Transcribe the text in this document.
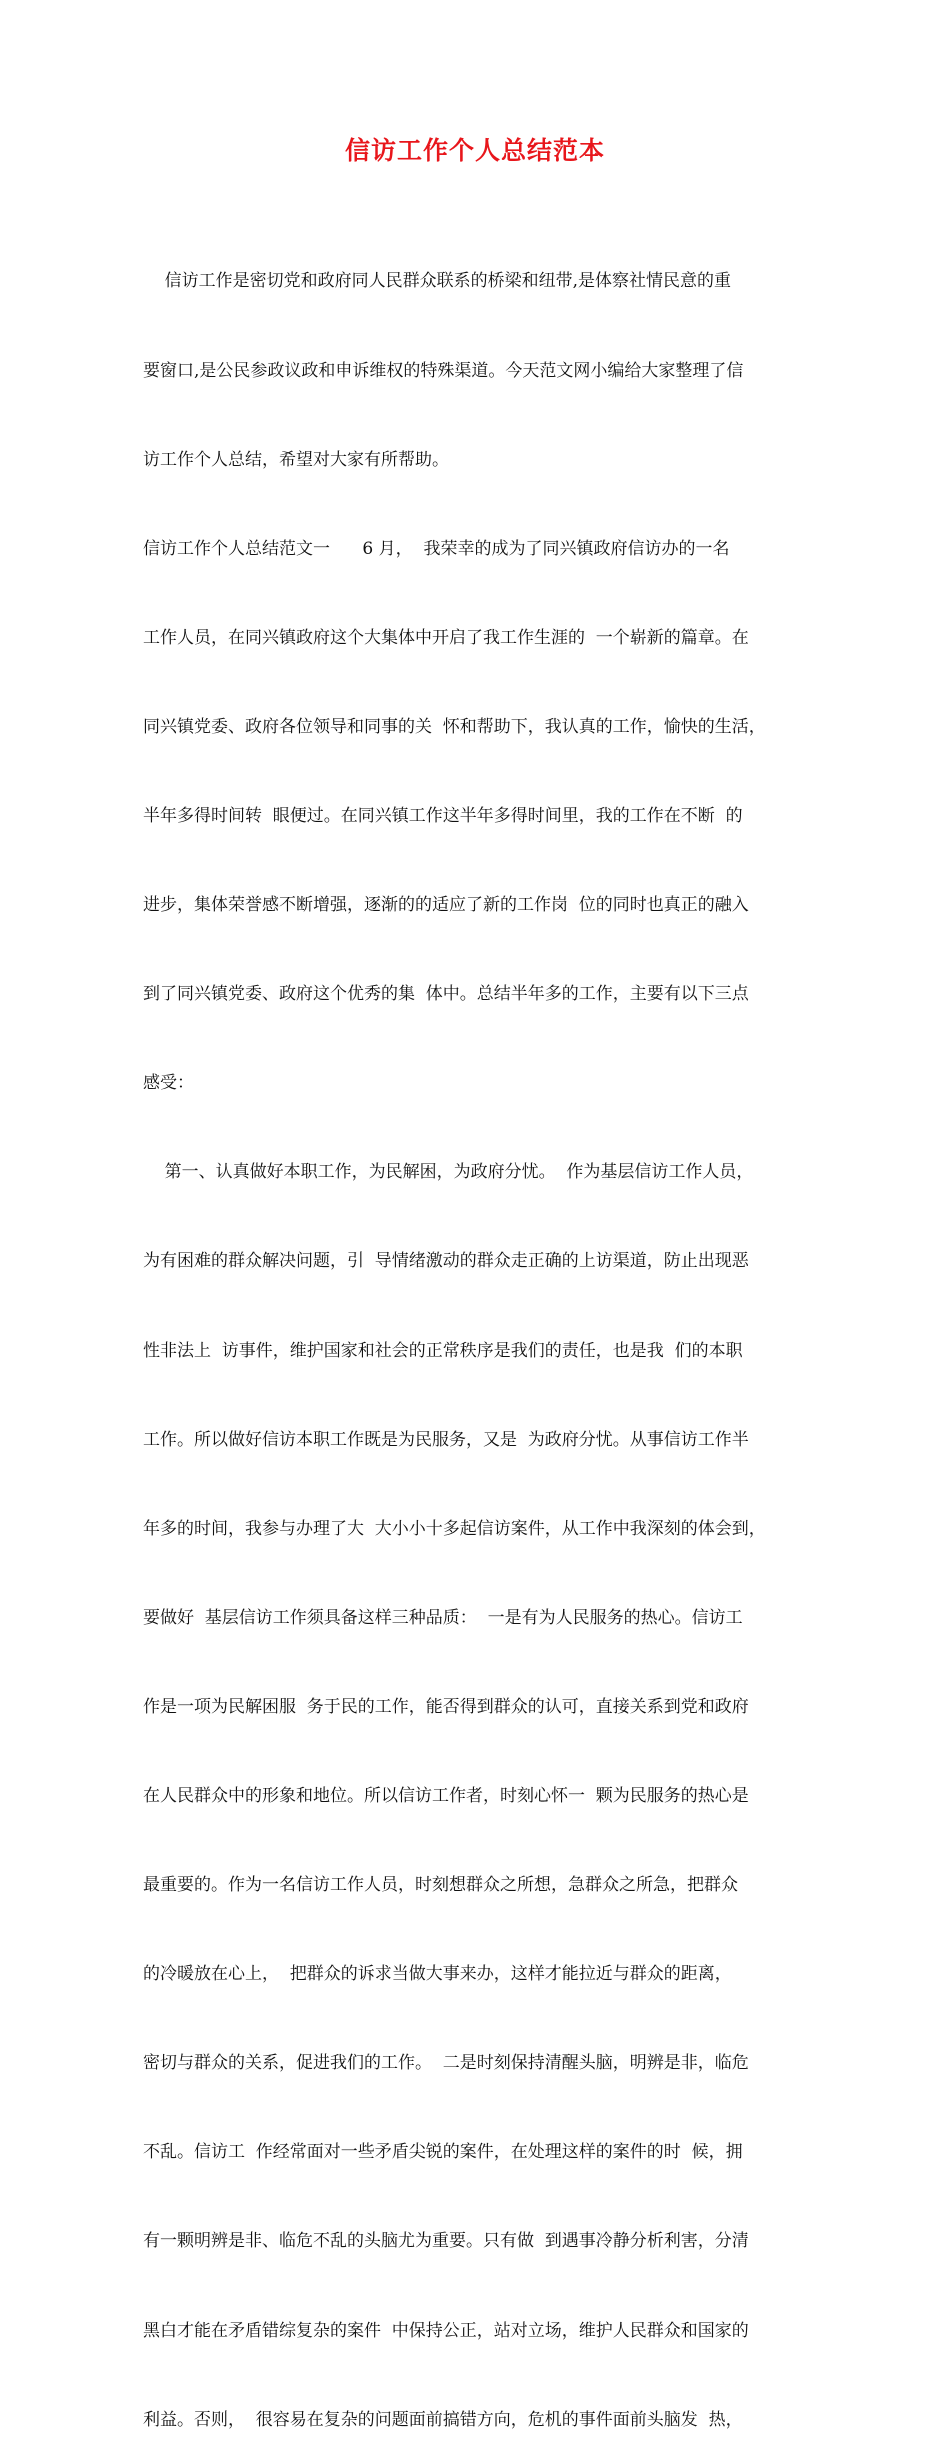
信访工作个人总结范本

信访工作是密切党和政府同人民群众联系的桥梁和纽带,是体察社情民意的重

要窗口,是公民参政议政和申诉维权的特殊渠道。今天范文网小编给大家整理了信

访工作个人总结，希望对大家有所帮助。

信访工作个人总结范文一      6 月，  我荣幸的成为了同兴镇政府信访办的一名

工作人员，在同兴镇政府这个大集体中开启了我工作生涯的  一个崭新的篇章。在

同兴镇党委、政府各位领导和同事的关  怀和帮助下，我认真的工作，愉快的生活，

半年多得时间转  眼便过。在同兴镇工作这半年多得时间里，我的工作在不断  的

进步，集体荣誉感不断增强，逐渐的的适应了新的工作岗  位的同时也真正的融入

到了同兴镇党委、政府这个优秀的集  体中。总结半年多的工作，主要有以下三点

感受：

第一、认真做好本职工作，为民解困，为政府分忧。  作为基层信访工作人员，

为有困难的群众解决问题，引  导情绪激动的群众走正确的上访渠道，防止出现恶

性非法上  访事件，维护国家和社会的正常秩序是我们的责任，也是我  们的本职

工作。所以做好信访本职工作既是为民服务，又是  为政府分忧。从事信访工作半

年多的时间，我参与办理了大  大小小十多起信访案件，从工作中我深刻的体会到，

要做好  基层信访工作须具备这样三种品质：  一是有为人民服务的热心。信访工

作是一项为民解困服  务于民的工作，能否得到群众的认可，直接关系到党和政府

在人民群众中的形象和地位。所以信访工作者，时刻心怀一  颗为民服务的热心是

最重要的。作为一名信访工作人员，时刻想群众之所想，急群众之所急，把群众

的冷暖放在心上，  把群众的诉求当做大事来办，这样才能拉近与群众的距离，

密切与群众的关系，促进我们的工作。  二是时刻保持清醒头脑，明辨是非，临危

不乱。信访工  作经常面对一些矛盾尖锐的案件，在处理这样的案件的时  候，拥

有一颗明辨是非、临危不乱的头脑尤为重要。只有做  到遇事冷静分析利害，分清

黑白才能在矛盾错综复杂的案件  中保持公正，站对立场，维护人民群众和国家的

利益。否则，  很容易在复杂的问题面前搞错方向，危机的事件面前头脑发  热，
